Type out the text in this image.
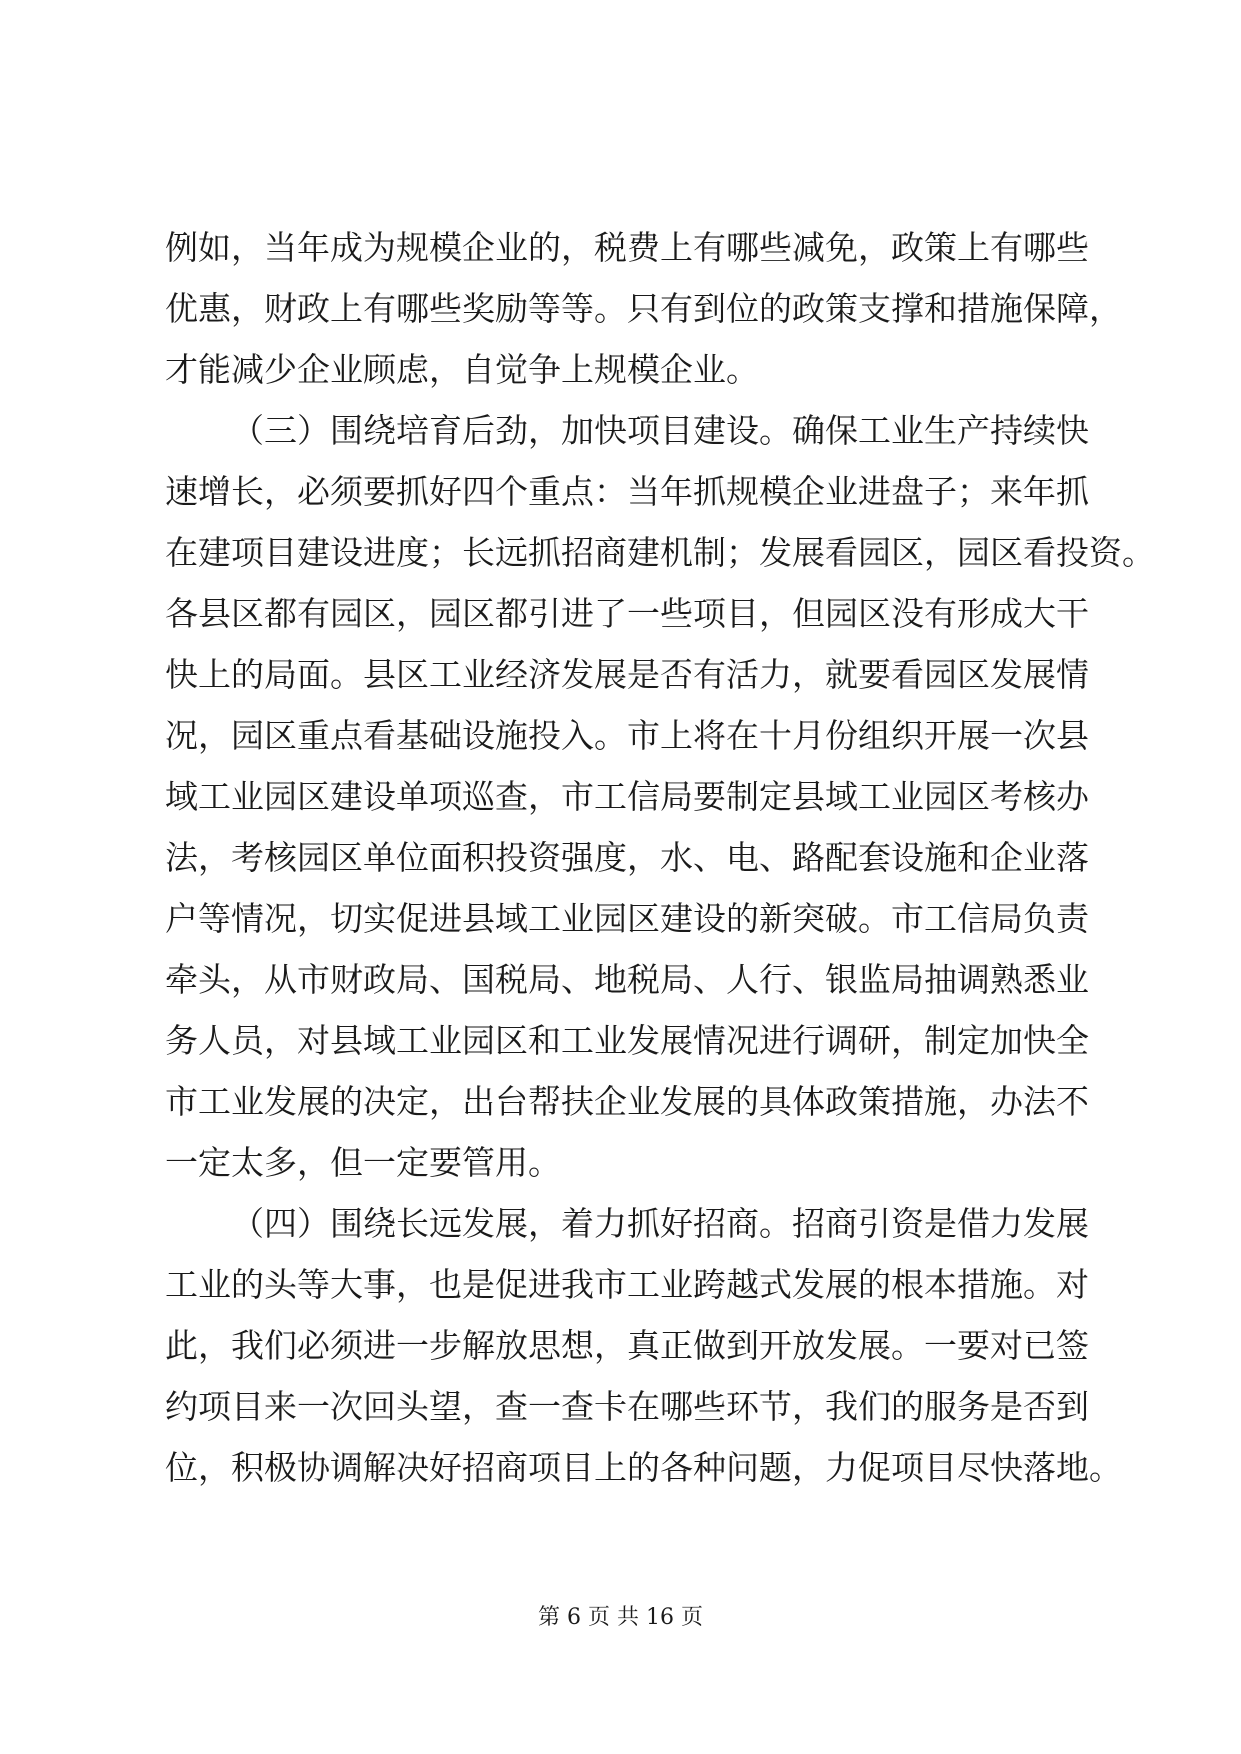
例如，当年成为规模企业的，税费上有哪些减免，政策上有哪些
优惠，财政上有哪些奖励等等。只有到位的政策支撑和措施保障，
才能减少企业顾虑，自觉争上规模企业。
（三）围绕培育后劲，加快项目建设。确保工业生产持续快
速增长，必须要抓好四个重点：当年抓规模企业进盘子；来年抓
在建项目建设进度；长远抓招商建机制；发展看园区，园区看投资。
各县区都有园区，园区都引进了一些项目，但园区没有形成大干
快上的局面。县区工业经济发展是否有活力，就要看园区发展情
况，园区重点看基础设施投入。市上将在十月份组织开展一次县
域工业园区建设单项巡查，市工信局要制定县域工业园区考核办
法，考核园区单位面积投资强度，水、电、路配套设施和企业落
户等情况，切实促进县域工业园区建设的新突破。市工信局负责
牵头，从市财政局、国税局、地税局、人行、银监局抽调熟悉业
务人员，对县域工业园区和工业发展情况进行调研，制定加快全
市工业发展的决定，出台帮扶企业发展的具体政策措施，办法不
一定太多，但一定要管用。
（四）围绕长远发展，着力抓好招商。招商引资是借力发展
工业的头等大事，也是促进我市工业跨越式发展的根本措施。对
此，我们必须进一步解放思想，真正做到开放发展。一要对已签
约项目来一次回头望，查一查卡在哪些环节，我们的服务是否到
位，积极协调解决好招商项目上的各种问题，力促项目尽快落地。
第 6 页 共 16 页
